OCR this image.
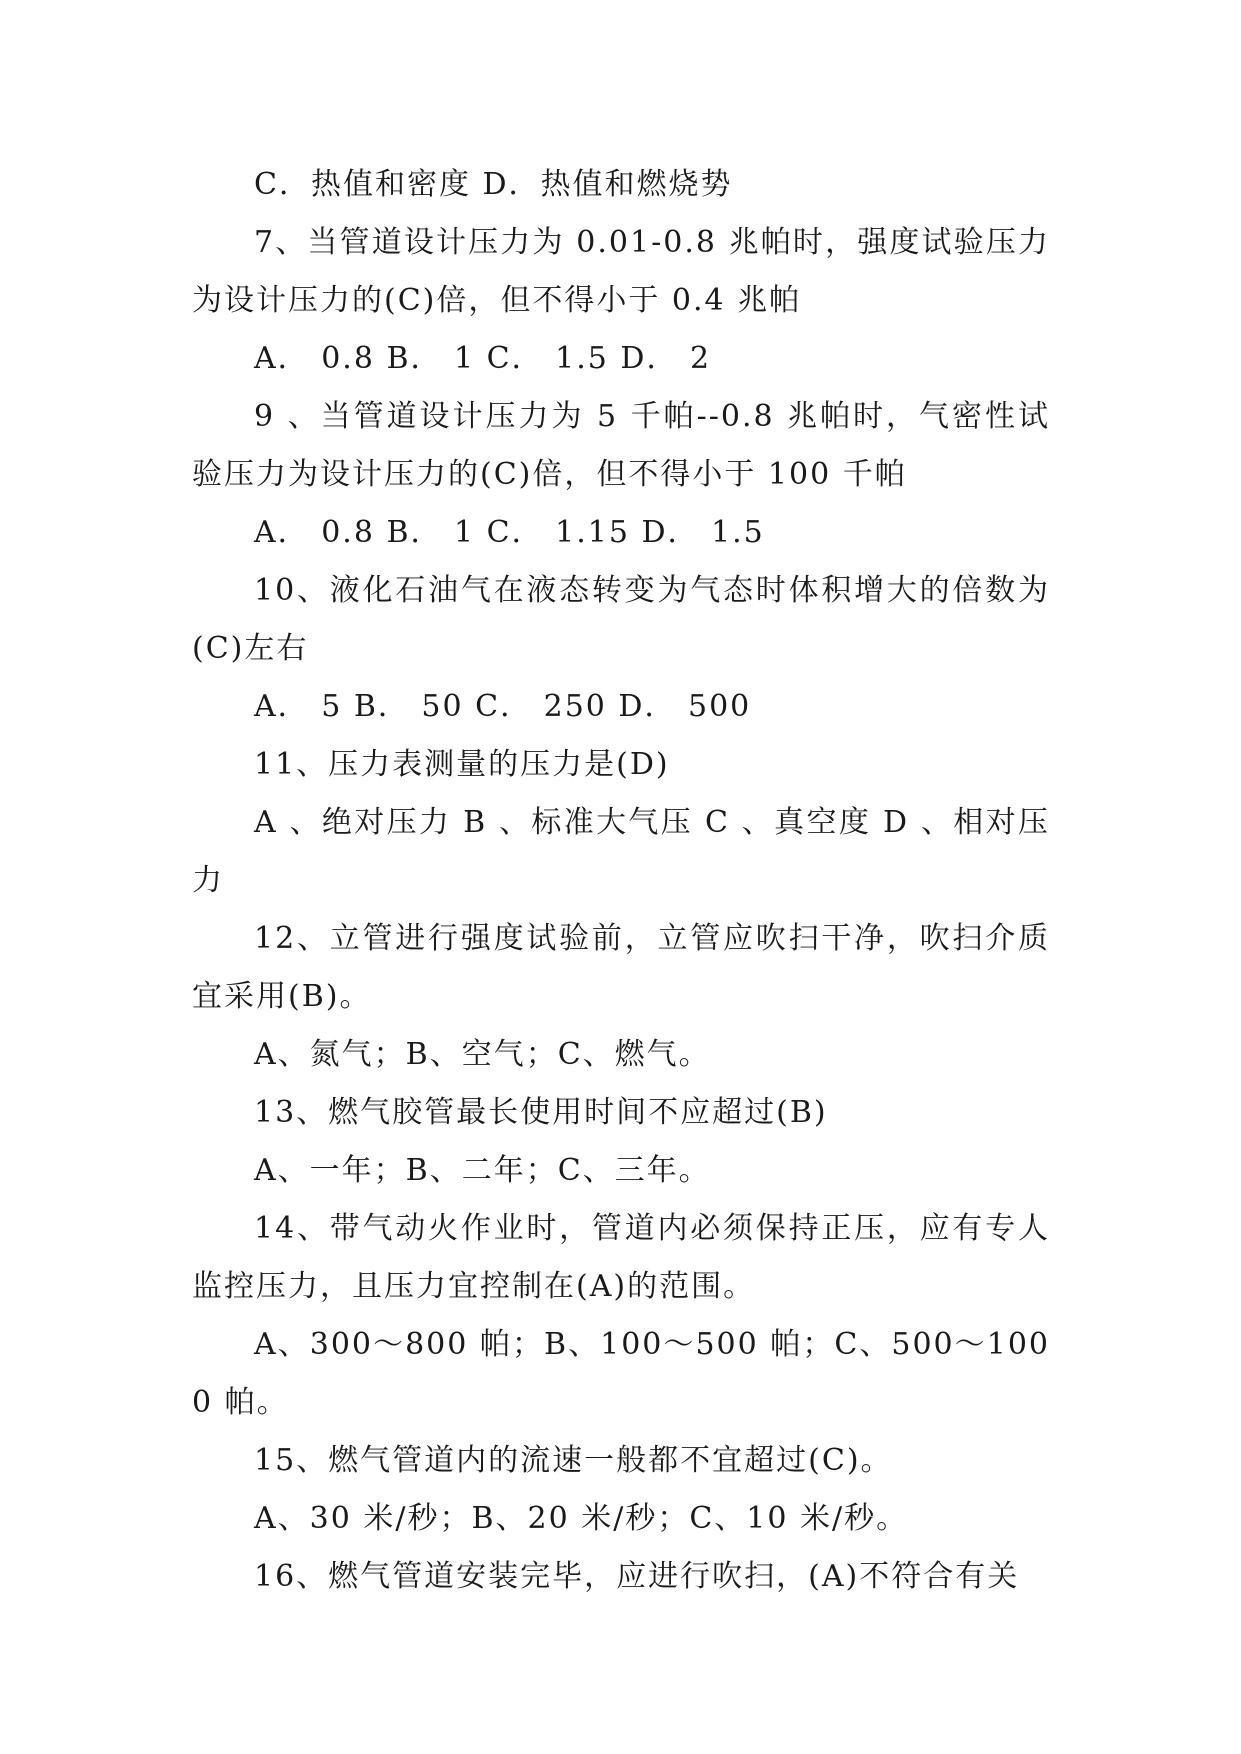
C．热值和密度 D．热值和燃烧势

7、当管道设计压力为 0.01-0.8 兆帕时，强度试验压力为设计压力的(C)倍，但不得小于 0.4 兆帕

A． 0.8 B． 1 C． 1.5 D． 2

9 、当管道设计压力为 5 千帕--0.8 兆帕时，气密性试验压力为设计压力的(C)倍，但不得小于 100 千帕

A． 0.8 B． 1 C． 1.15 D． 1.5

10、液化石油气在液态转变为气态时体积增大的倍数为(C)左右

A． 5 B． 50 C． 250 D． 500

11、压力表测量的压力是(D)

A 、绝对压力 B 、标准大气压 C 、真空度 D 、相对压力

12、立管进行强度试验前，立管应吹扫干净，吹扫介质宜采用(B)。

A、氮气；B、空气；C、燃气。

13、燃气胶管最长使用时间不应超过(B)

A、一年；B、二年；C、三年。

14、带气动火作业时，管道内必须保持正压，应有专人监控压力，且压力宜控制在(A)的范围。

A、300～800 帕；B、100～500 帕；C、500～1000 帕。

15、燃气管道内的流速一般都不宜超过(C)。

A、30 米/秒；B、20 米/秒；C、10 米/秒。

16、燃气管道安装完毕，应进行吹扫，(A)不符合有关
